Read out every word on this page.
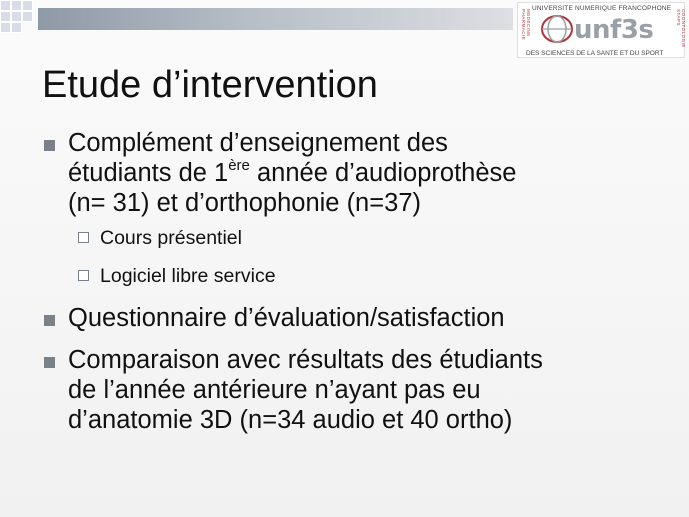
UNIVERSITE NUMERIQUE FRANCOPHONE
MEDECINE PHARMACIE unf3s	ODONTOLOGIE STAPS
DES SCIENCES DE LA SANTE ET DU SPORT
Etude d’intervention
Complément d’enseignement des
étudiants de 1ère année d’audioprothèse
(n= 31) et d’orthophonie (n=37)
Cours présentiel
Logiciel libre service
Questionnaire d’évaluation/satisfaction
Comparaison avec résultats des étudiants
de l’année antérieure n’ayant pas eu
d’anatomie 3D (n=34 audio et 40 ortho)
